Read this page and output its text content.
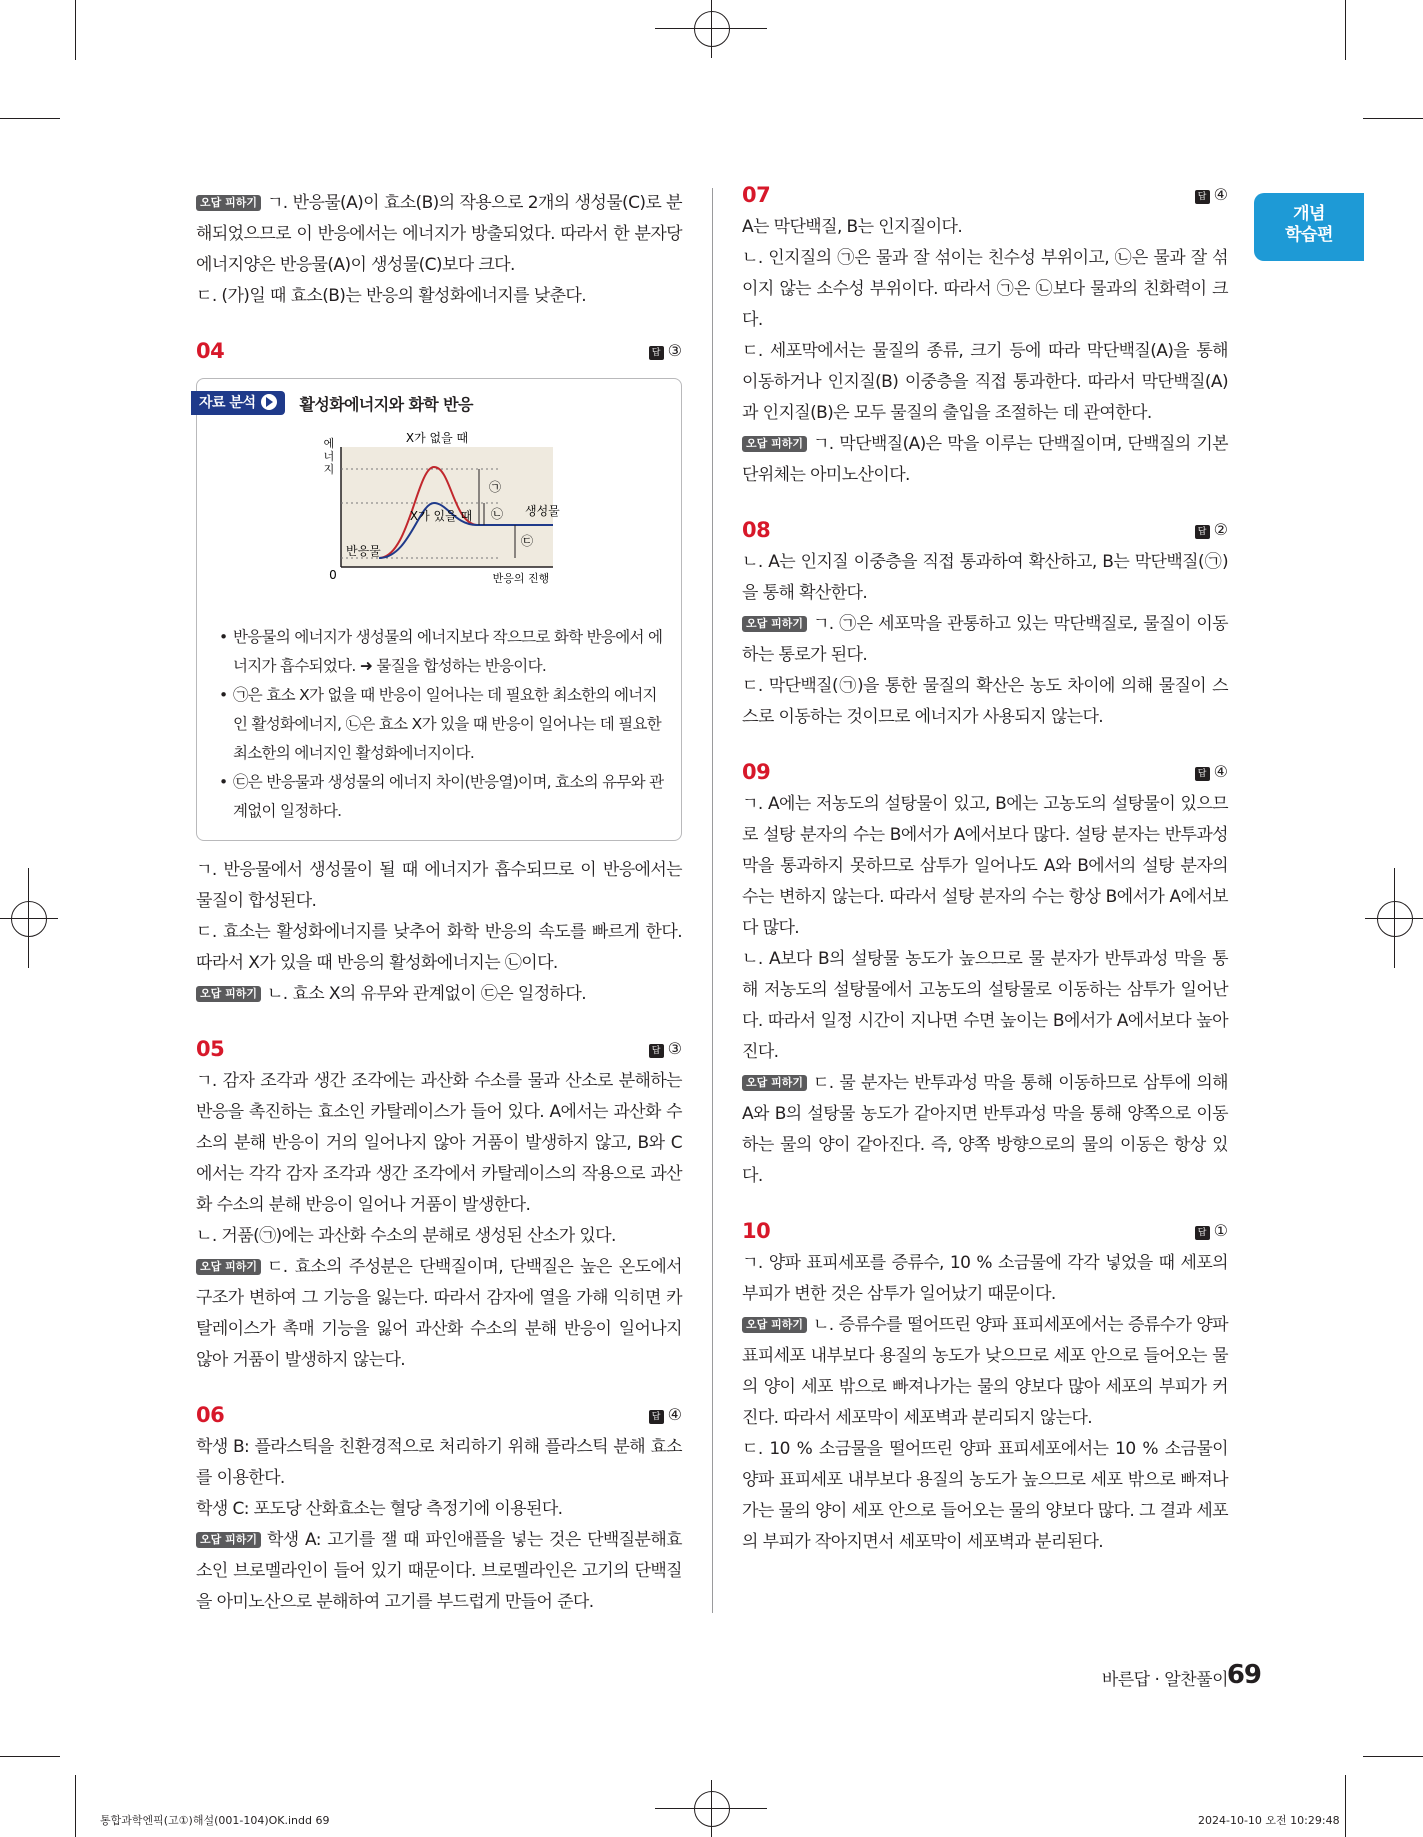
개념
학습편

오답 피하기 ㄱ. 반응물(A)이 효소(B)의 작용으로 2개의 생성물(C)로 분해되었으므로 이 반응에서는 에너지가 방출되었다. 따라서 한 분자당 에너지양은 반응물(A)이 생성물(C)보다 크다.

ㄷ. (가)일 때 효소(B)는 반응의 활성화에너지를 낮춘다.

04	답 ③
자료 분석	활성화에너지와 화학 반응
에 너 지
X가 없을 때
X가 있을 때
㉠
㉡
㉢
생성물
반응물
0	반응의 진행
• 반응물의 에너지가 생성물의 에너지보다 작으므로 화학 반응에서 에너지가 흡수되었다. ➜ 물질을 합성하는 반응이다.
• ㉠은 효소 X가 없을 때 반응이 일어나는 데 필요한 최소한의 에너지인 활성화에너지, ㉡은 효소 X가 있을 때 반응이 일어나는 데 필요한 최소한의 에너지인 활성화에너지이다.
• ㉢은 반응물과 생성물의 에너지 차이(반응열)이며, 효소의 유무와 관계없이 일정하다.

ㄱ. 반응물에서 생성물이 될 때 에너지가 흡수되므로 이 반응에서는 물질이 합성된다.

ㄷ. 효소는 활성화에너지를 낮추어 화학 반응의 속도를 빠르게 한다. 따라서 X가 있을 때 반응의 활성화에너지는 ㉡이다.

오답 피하기 ㄴ. 효소 X의 유무와 관계없이 ㉢은 일정하다.

05	답 ③

ㄱ. 감자 조각과 생간 조각에는 과산화 수소를 물과 산소로 분해하는 반응을 촉진하는 효소인 카탈레이스가 들어 있다. A에서는 과산화 수소의 분해 반응이 거의 일어나지 않아 거품이 발생하지 않고, B와 C에서는 각각 감자 조각과 생간 조각에서 카탈레이스의 작용으로 과산화 수소의 분해 반응이 일어나 거품이 발생한다.

ㄴ. 거품(㉠)에는 과산화 수소의 분해로 생성된 산소가 있다.

오답 피하기 ㄷ. 효소의 주성분은 단백질이며, 단백질은 높은 온도에서 구조가 변하여 그 기능을 잃는다. 따라서 감자에 열을 가해 익히면 카탈레이스가 촉매 기능을 잃어 과산화 수소의 분해 반응이 일어나지 않아 거품이 발생하지 않는다.

06	답 ④

학생 B: 플라스틱을 친환경적으로 처리하기 위해 플라스틱 분해 효소를 이용한다.

학생 C: 포도당 산화효소는 혈당 측정기에 이용된다.

오답 피하기 학생 A: 고기를 잴 때 파인애플을 넣는 것은 단백질분해효소인 브로멜라인이 들어 있기 때문이다. 브로멜라인은 고기의 단백질을 아미노산으로 분해하여 고기를 부드럽게 만들어 준다.

07	답 ④

A는 막단백질, B는 인지질이다.

ㄴ. 인지질의 ㉠은 물과 잘 섞이는 친수성 부위이고, ㉡은 물과 잘 섞이지 않는 소수성 부위이다. 따라서 ㉠은 ㉡보다 물과의 친화력이 크다.

ㄷ. 세포막에서는 물질의 종류, 크기 등에 따라 막단백질(A)을 통해 이동하거나 인지질(B) 이중층을 직접 통과한다. 따라서 막단백질(A)과 인지질(B)은 모두 물질의 출입을 조절하는 데 관여한다.

오답 피하기 ㄱ. 막단백질(A)은 막을 이루는 단백질이며, 단백질의 기본 단위체는 아미노산이다.

08	답 ②

ㄴ. A는 인지질 이중층을 직접 통과하여 확산하고, B는 막단백질(㉠)을 통해 확산한다.

오답 피하기 ㄱ. ㉠은 세포막을 관통하고 있는 막단백질로, 물질이 이동하는 통로가 된다.

ㄷ. 막단백질(㉠)을 통한 물질의 확산은 농도 차이에 의해 물질이 스스로 이동하는 것이므로 에너지가 사용되지 않는다.

09	답 ④

ㄱ. A에는 저농도의 설탕물이 있고, B에는 고농도의 설탕물이 있으므로 설탕 분자의 수는 B에서가 A에서보다 많다. 설탕 분자는 반투과성 막을 통과하지 못하므로 삼투가 일어나도 A와 B에서의 설탕 분자의 수는 변하지 않는다. 따라서 설탕 분자의 수는 항상 B에서가 A에서보다 많다.

ㄴ. A보다 B의 설탕물 농도가 높으므로 물 분자가 반투과성 막을 통해 저농도의 설탕물에서 고농도의 설탕물로 이동하는 삼투가 일어난다. 따라서 일정 시간이 지나면 수면 높이는 B에서가 A에서보다 높아진다.

오답 피하기 ㄷ. 물 분자는 반투과성 막을 통해 이동하므로 삼투에 의해 A와 B의 설탕물 농도가 같아지면 반투과성 막을 통해 양쪽으로 이동하는 물의 양이 같아진다. 즉, 양쪽 방향으로의 물의 이동은 항상 있다.

10	답 ①

ㄱ. 양파 표피세포를 증류수, 10 % 소금물에 각각 넣었을 때 세포의 부피가 변한 것은 삼투가 일어났기 때문이다.

오답 피하기 ㄴ. 증류수를 떨어뜨린 양파 표피세포에서는 증류수가 양파 표피세포 내부보다 용질의 농도가 낮으므로 세포 안으로 들어오는 물의 양이 세포 밖으로 빠져나가는 물의 양보다 많아 세포의 부피가 커진다. 따라서 세포막이 세포벽과 분리되지 않는다.

ㄷ. 10 % 소금물을 떨어뜨린 양파 표피세포에서는 10 % 소금물이 양파 표피세포 내부보다 용질의 농도가 높으므로 세포 밖으로 빠져나가는 물의 양이 세포 안으로 들어오는 물의 양보다 많다. 그 결과 세포의 부피가 작아지면서 세포막이 세포벽과 분리된다.

바른답 · 알찬풀이
69
통합과학엔픽(고①)해설(001-104)OK.indd 69	2024-10-10 오전 10:29:48
